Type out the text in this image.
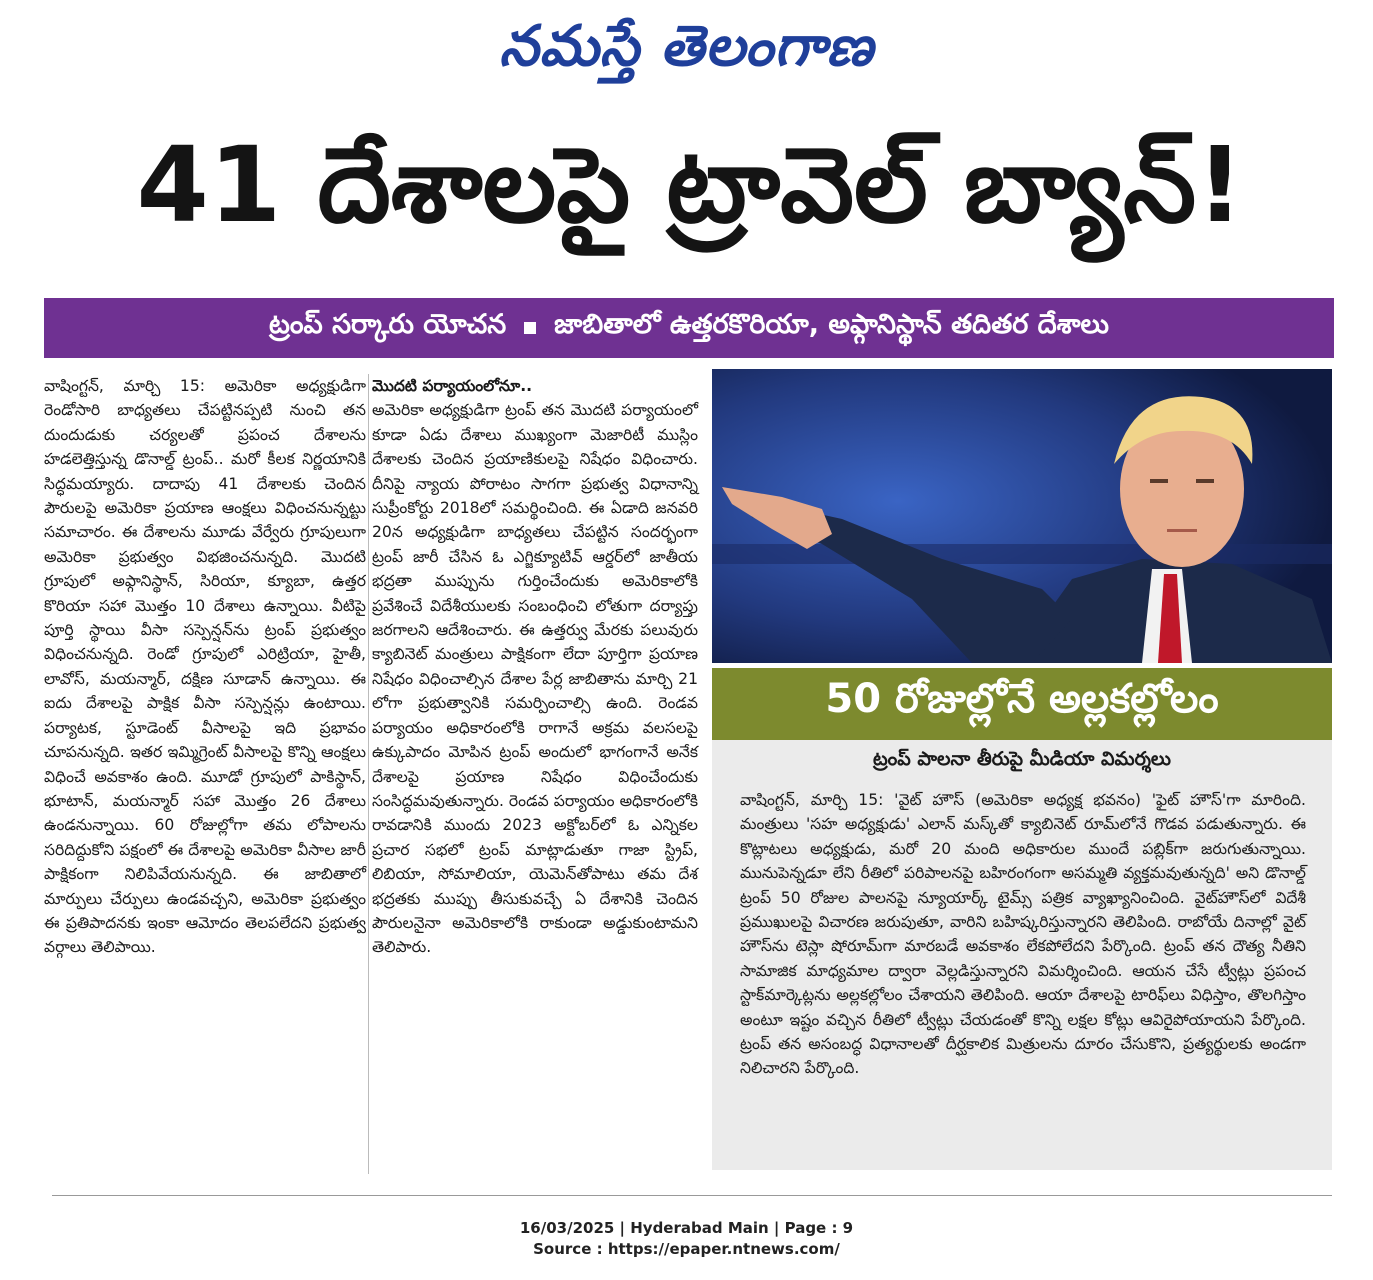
నమస్తే తెలంగాణ
41 దేశాలపై ట్రావెల్ బ్యాన్!
ట్రంప్ సర్కారు యోచన జాబితాలో ఉత్తరకొరియా, అఫ్గానిస్థాన్ తదితర దేశాలు
వాషింగ్టన్, మార్చి 15: అమెరికా అధ్యక్షుడిగా రెండోసారి బాధ్యతలు చేపట్టినప్పటి నుంచి తన దుందుడుకు చర్యలతో ప్రపంచ దేశాలను హడలెత్తిస్తున్న డొనాల్డ్ ట్రంప్.. మరో కీలక నిర్ణయానికి సిద్ధమయ్యారు. దాదాపు 41 దేశాలకు చెందిన పౌరులపై అమెరికా ప్రయాణ ఆంక్షలు విధించనున్నట్టు సమాచారం. ఈ దేశాలను మూడు వేర్వేరు గ్రూపులుగా అమెరికా ప్రభుత్వం విభజించనున్నది. మొదటి గ్రూపులో అఫ్గానిస్థాన్, సిరియా, క్యూబా, ఉత్తర కొరియా సహా మొత్తం 10 దేశాలు ఉన్నాయి. వీటిపై పూర్తి స్థాయి వీసా సస్పెన్షన్‌ను ట్రంప్ ప్రభుత్వం విధించనున్నది. రెండో గ్రూపులో ఎరిట్రియా, హైతీ, లావోస్, మయన్మార్, దక్షిణ సూడాన్ ఉన్నాయి. ఈ ఐదు దేశాలపై పాక్షిక వీసా సస్పెన్షన్లు ఉంటాయి. పర్యాటక, స్టూడెంట్ వీసాలపై ఇది ప్రభావం చూపనున్నది. ఇతర ఇమ్మిగ్రెంట్ వీసాలపై కొన్ని ఆంక్షలు విధించే అవకాశం ఉంది. మూడో గ్రూపులో పాకిస్థాన్, భూటాన్, మయన్మార్ సహా మొత్తం 26 దేశాలు ఉండనున్నాయి. 60 రోజుల్లోగా తమ లోపాలను సరిదిద్దుకోని పక్షంలో ఈ దేశాలపై అమెరికా వీసాల జారీ పాక్షికంగా నిలిపివేయనున్నది. ఈ జాబితాలో మార్పులు చేర్పులు ఉండవచ్చని, అమెరికా ప్రభుత్వం ఈ ప్రతిపాదనకు ఇంకా ఆమోదం తెలపలేదని ప్రభుత్వ వర్గాలు తెలిపాయి.
మొదటి పర్యాయంలోనూ..
అమెరికా అధ్యక్షుడిగా ట్రంప్ తన మొదటి పర్యాయంలో కూడా ఏడు దేశాలు ముఖ్యంగా మెజారిటీ ముస్లిం దేశాలకు చెందిన ప్రయాణికులపై నిషేధం విధించారు. దీనిపై న్యాయ పోరాటం సాగగా ప్రభుత్వ విధానాన్ని సుప్రీంకోర్టు 2018లో సమర్థించింది. ఈ ఏడాది జనవరి 20న అధ్యక్షుడిగా బాధ్యతలు చేపట్టిన సందర్భంగా ట్రంప్ జారీ చేసిన ఓ ఎగ్జిక్యూటివ్ ఆర్డర్‌లో జాతీయ భద్రతా ముప్పును గుర్తించేందుకు అమెరికాలోకి ప్రవేశించే విదేశీయులకు సంబంధించి లోతుగా దర్యాప్తు జరగాలని ఆదేశించారు. ఈ ఉత్తర్వు మేరకు పలువురు క్యాబినెట్ మంత్రులు పాక్షికంగా లేదా పూర్తిగా ప్రయాణ నిషేధం విధించాల్సిన దేశాల పేర్ల జాబితాను మార్చి 21 లోగా ప్రభుత్వానికి సమర్పించాల్సి ఉంది. రెండవ పర్యాయం అధికారంలోకి రాగానే అక్రమ వలసలపై ఉక్కుపాదం మోపిన ట్రంప్ అందులో భాగంగానే అనేక దేశాలపై ప్రయాణ నిషేధం విధించేందుకు సంసిద్ధమవుతున్నారు. రెండవ పర్యాయం అధికారంలోకి రావడానికి ముందు 2023 అక్టోబర్‌లో ఓ ఎన్నికల ప్రచార సభలో ట్రంప్ మాట్లాడుతూ గాజా స్ట్రిప్, లిబియా, సోమాలియా, యెమెన్‌తోపాటు తమ దేశ భద్రతకు ముప్పు తీసుకువచ్చే ఏ దేశానికి చెందిన పౌరులనైనా అమెరికాలోకి రాకుండా అడ్డుకుంటామని తెలిపారు.
50 రోజుల్లోనే అల్లకల్లోలం
ట్రంప్ పాలనా తీరుపై మీడియా విమర్శలు
వాషింగ్టన్, మార్చి 15: 'వైట్ హౌస్ (అమెరికా అధ్యక్ష భవనం) 'ఫైట్ హౌస్'గా మారింది. మంత్రులు 'సహ అధ్యక్షుడు' ఎలాన్ మస్క్‌తో క్యాబినెట్ రూమ్‌లోనే గొడవ పడుతున్నారు. ఈ కొట్లాటలు అధ్యక్షుడు, మరో 20 మంది అధికారుల ముందే పబ్లిక్‌గా జరుగుతున్నాయి. మునుపెన్నడూ లేని రీతిలో పరిపాలనపై బహిరంగంగా అసమ్మతి వ్యక్తమవుతున్నది' అని డొనాల్డ్ ట్రంప్ 50 రోజుల పాలనపై న్యూయార్క్ టైమ్స్ పత్రిక వ్యాఖ్యానించింది. వైట్‌హౌస్‌లో విదేశీ ప్రముఖులపై విచారణ జరుపుతూ, వారిని బహిష్కరిస్తున్నారని తెలిపింది. రాబోయే దినాల్లో వైట్ హౌస్‌ను టెస్లా షోరూమ్‌గా మారబడే అవకాశం లేకపోలేదని పేర్కొంది. ట్రంప్ తన దౌత్య నీతిని సామాజిక మాధ్యమాల ద్వారా వెల్లడిస్తున్నారని విమర్శించింది. ఆయన చేసే ట్వీట్లు ప్రపంచ స్టాక్‌మార్కెట్లను అల్లకల్లోలం చేశాయని తెలిపింది. ఆయా దేశాలపై టారిఫ్‌లు విధిస్తాం, తొలగిస్తాం అంటూ ఇష్టం వచ్చిన రీతిలో ట్వీట్లు చేయడంతో కొన్ని లక్షల కోట్లు ఆవిరైపోయాయని పేర్కొంది. ట్రంప్ తన అసంబద్ధ విధానాలతో దీర్ఘకాలిక మిత్రులను దూరం చేసుకొని, ప్రత్యర్థులకు అండగా నిలిచారని పేర్కొంది.
16/03/2025 | Hyderabad Main | Page : 9
Source : https://epaper.ntnews.com/
